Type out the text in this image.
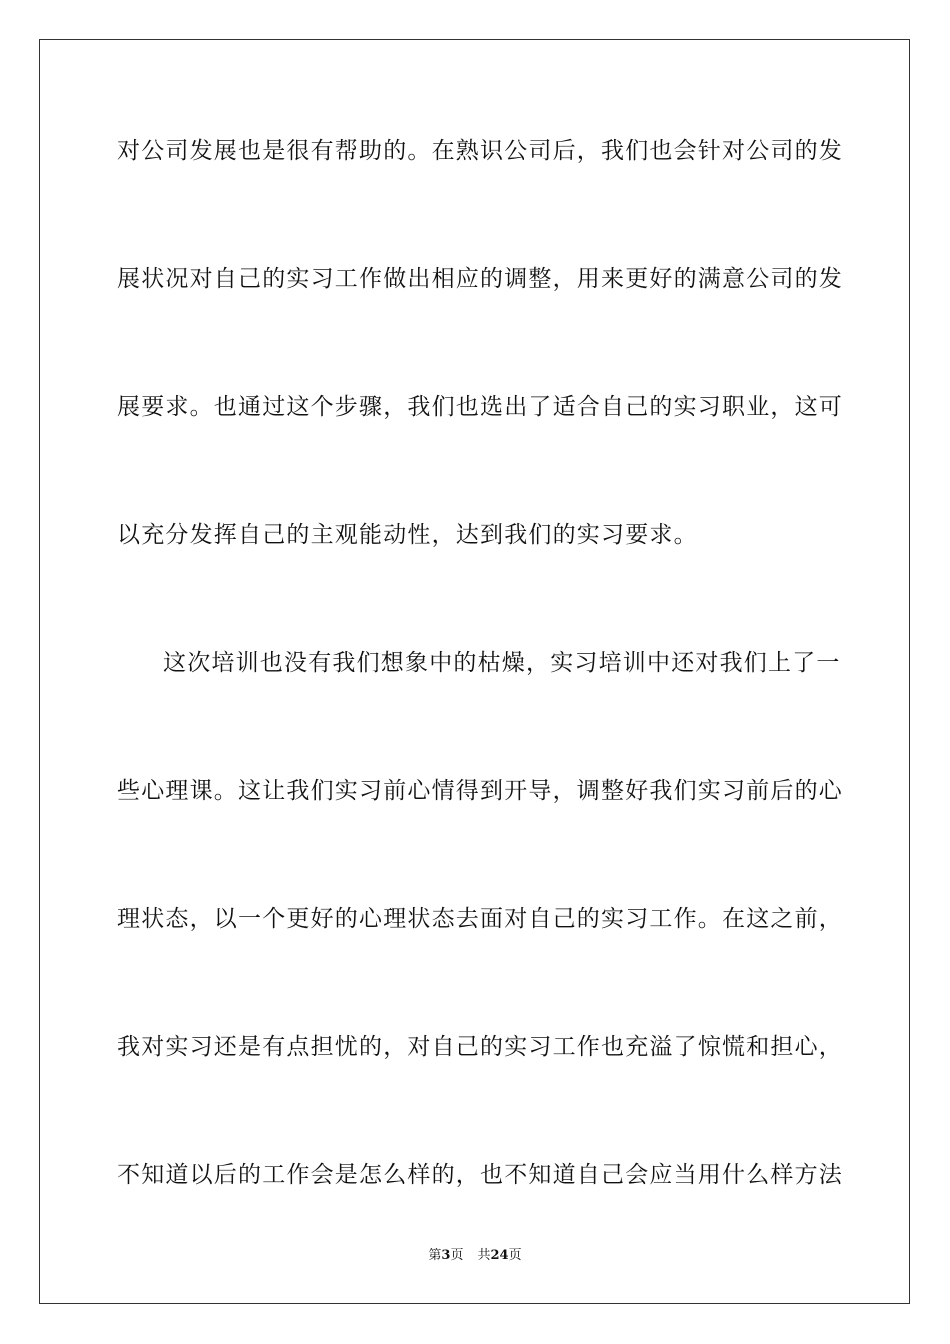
对公司发展也是很有帮助的。在熟识公司后，我们也会针对公司的发
展状况对自己的实习工作做出相应的调整，用来更好的满意公司的发
展要求。也通过这个步骤，我们也选出了适合自己的实习职业，这可
以充分发挥自己的主观能动性，达到我们的实习要求。
这次培训也没有我们想象中的枯燥，实习培训中还对我们上了一
些心理课。这让我们实习前心情得到开导，调整好我们实习前后的心
理状态，以一个更好的心理状态去面对自己的实习工作。在这之前，
我对实习还是有点担忧的，对自己的实习工作也充溢了惊慌和担心，
不知道以后的工作会是怎么样的，也不知道自己会应当用什么样方法
第3页 共24页
